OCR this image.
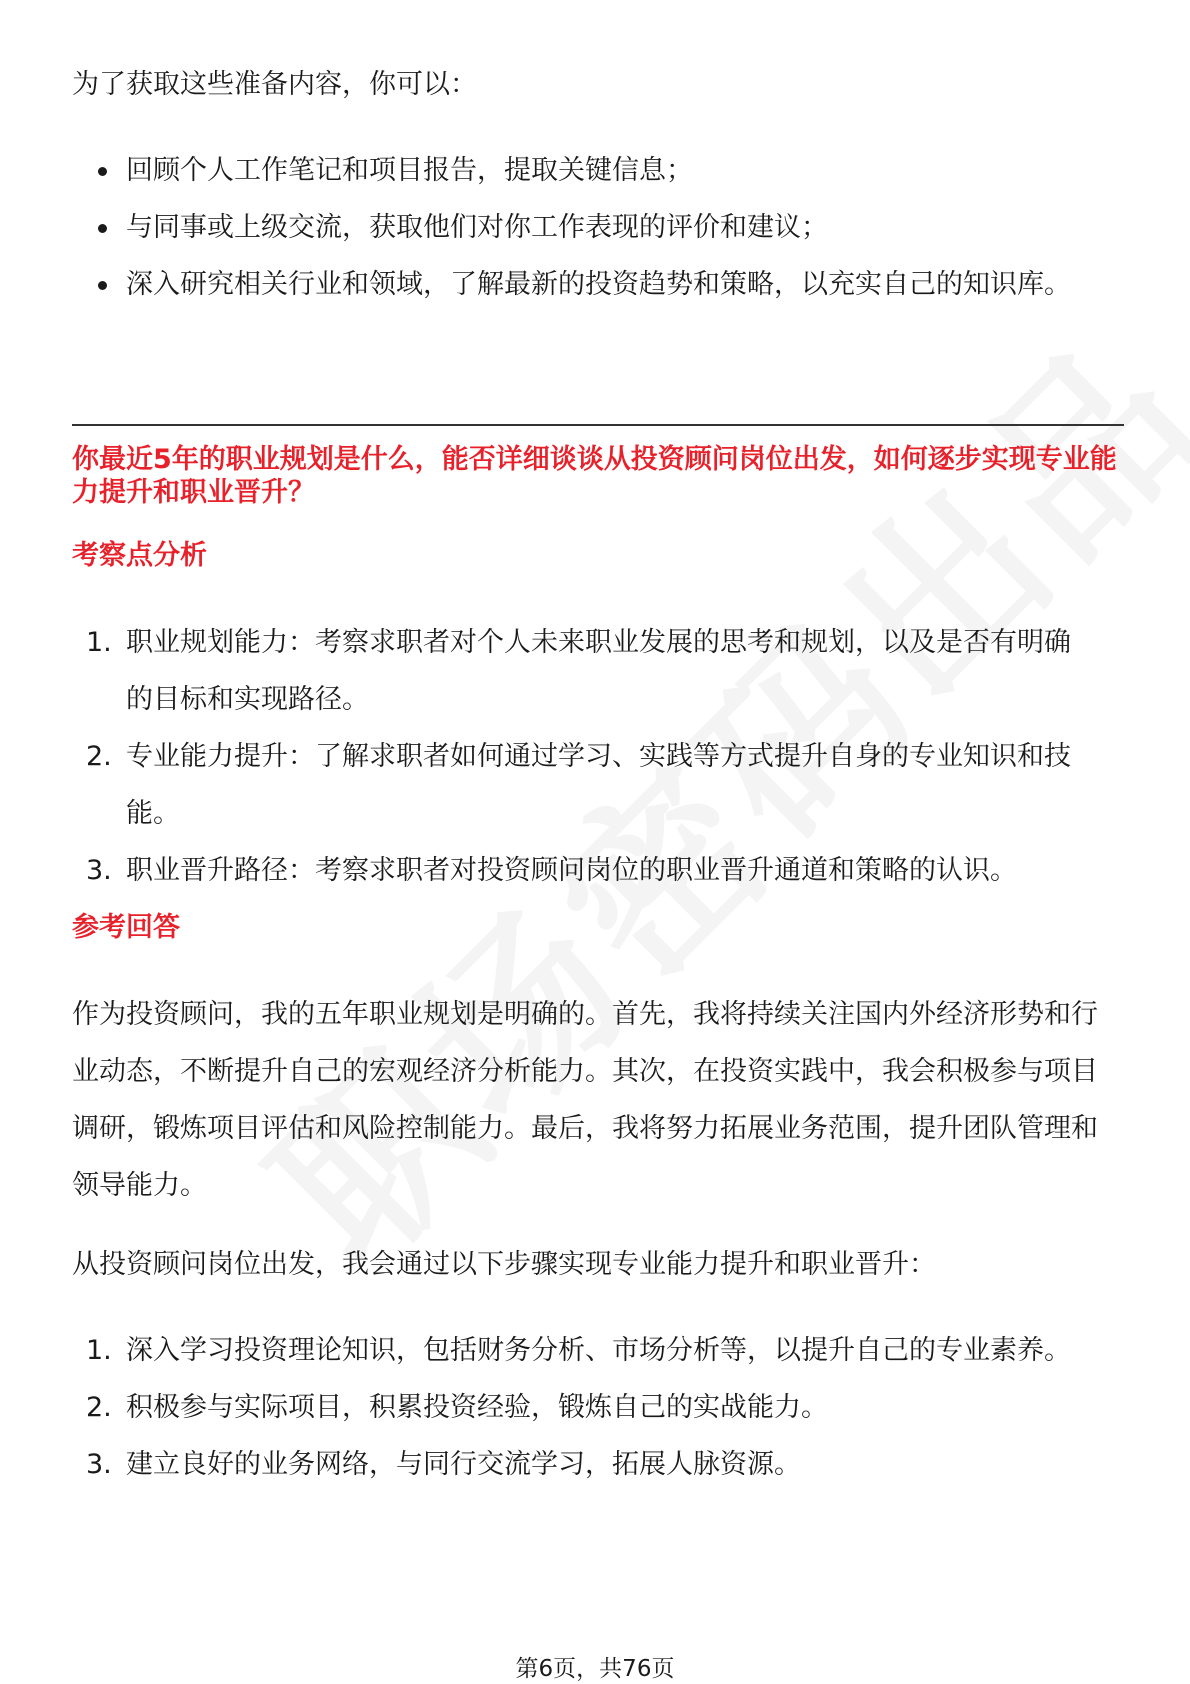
为了获取这些准备内容，你可以：

回顾个人工作笔记和项目报告，提取关键信息；
与同事或上级交流，获取他们对你工作表现的评价和建议；
深入研究相关行业和领域，了解最新的投资趋势和策略，以充实自己的知识库。

你最近5年的职业规划是什么，能否详细谈谈从投资顾问岗位出发，如何逐步实现专业能力提升和职业晋升？

考察点分析

1. 职业规划能力：考察求职者对个人未来职业发展的思考和规划，以及是否有明确的目标和实现路径。
2. 专业能力提升：了解求职者如何通过学习、实践等方式提升自身的专业知识和技能。
3. 职业晋升路径：考察求职者对投资顾问岗位的职业晋升通道和策略的认识。

参考回答

作为投资顾问，我的五年职业规划是明确的。首先，我将持续关注国内外经济形势和行业动态，不断提升自己的宏观经济分析能力。其次，在投资实践中，我会积极参与项目调研，锻炼项目评估和风险控制能力。最后，我将努力拓展业务范围，提升团队管理和领导能力。

从投资顾问岗位出发，我会通过以下步骤实现专业能力提升和职业晋升：

1. 深入学习投资理论知识，包括财务分析、市场分析等，以提升自己的专业素养。
2. 积极参与实际项目，积累投资经验，锻炼自己的实战能力。
3. 建立良好的业务网络，与同行交流学习，拓展人脉资源。
第6页，共76页
